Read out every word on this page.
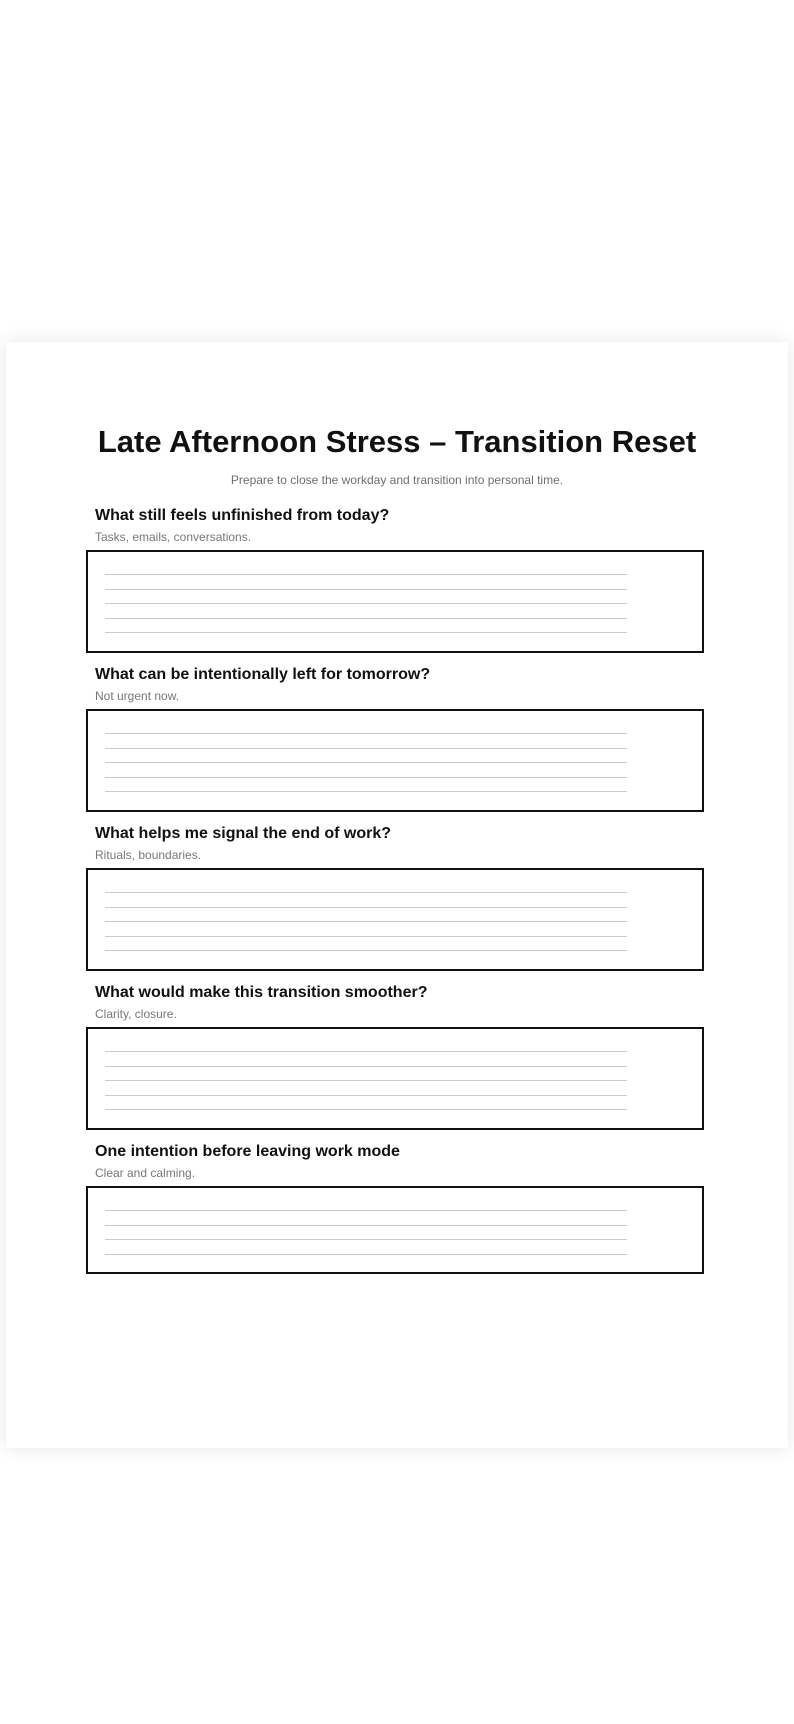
Late Afternoon Stress – Transition Reset

Prepare to close the workday and transition into personal time.

What still feels unfinished from today?

Tasks, emails, conversations.

What can be intentionally left for tomorrow?

Not urgent now.

What helps me signal the end of work?

Rituals, boundaries.

What would make this transition smoother?

Clarity, closure.

One intention before leaving work mode

Clear and calming.
